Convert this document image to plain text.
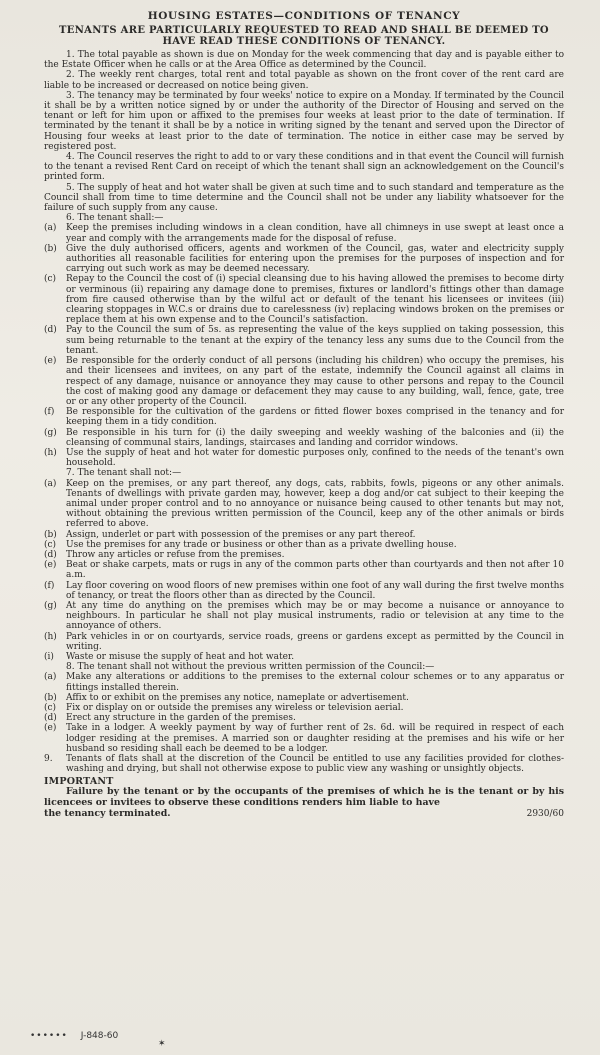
HOUSING ESTATES—CONDITIONS OF TENANCY
TENANTS ARE PARTICULARLY REQUESTED TO READ AND SHALL BE DEEMED TO HAVE READ THESE CONDITIONS OF TENANCY.

1. The total payable as shown is due on Monday for the week commencing that day and is payable either to the Estate Officer when he calls or at the Area Office as determined by the Council.

2. The weekly rent charges, total rent and total payable as shown on the front cover of the rent card are liable to be increased or decreased on notice being given.

3. The tenancy may be terminated by four weeks' notice to expire on a Monday. If terminated by the Council it shall be by a written notice signed by or under the authority of the Director of Housing and served on the tenant or left for him upon or affixed to the premises four weeks at least prior to the date of termination. If terminated by the tenant it shall be by a notice in writing signed by the tenant and served upon the Director of Housing four weeks at least prior to the date of termination. The notice in either case may be served by registered post.

4. The Council reserves the right to add to or vary these conditions and in that event the Council will furnish to the tenant a revised Rent Card on receipt of which the tenant shall sign an acknowledgement on the Council's printed form.

5. The supply of heat and hot water shall be given at such time and to such standard and temperature as the Council shall from time to time determine and the Council shall not be under any liability whatsoever for the failure of such supply from any cause.

6. The tenant shall:—

(a)	Keep the premises including windows in a clean condition, have all chimneys in use swept at least once a year and comply with the arrangements made for the disposal of refuse.
(b)	Give the duly authorised officers, agents and workmen of the Council, gas, water and electricity supply authorities all reasonable facilities for entering upon the premises for the purposes of inspection and for carrying out such work as may be deemed necessary.
(c)	Repay to the Council the cost of (i) special cleansing due to his having allowed the premises to become dirty or verminous (ii) repairing any damage done to premises, fixtures or landlord's fittings other than damage from fire caused otherwise than by the wilful act or default of the tenant his licensees or invitees (iii) clearing stoppages in W.C.s or drains due to carelessness (iv) replacing windows broken on the premises or replace them at his own expense and to the Council's satisfaction.
(d)	Pay to the Council the sum of 5s. as representing the value of the keys supplied on taking possession, this sum being returnable to the tenant at the expiry of the tenancy less any sums due to the Council from the tenant.
(e)	Be responsible for the orderly conduct of all persons (including his children) who occupy the premises, his and their licensees and invitees, on any part of the estate, indemnify the Council against all claims in respect of any damage, nuisance or annoyance they may cause to other persons and repay to the Council the cost of making good any damage or defacement they may cause to any building, wall, fence, gate, tree or or any other property of the Council.
(f)	Be responsible for the cultivation of the gardens or fitted flower boxes comprised in the tenancy and for keeping them in a tidy condition.
(g)	Be responsible in his turn for (i) the daily sweeping and weekly washing of the balconies and (ii) the cleansing of communal stairs, landings, staircases and landing and corridor windows.
(h)	Use the supply of heat and hot water for domestic purposes only, confined to the needs of the tenant's own household.

7. The tenant shall not:—

(a)	Keep on the premises, or any part thereof, any dogs, cats, rabbits, fowls, pigeons or any other animals. Tenants of dwellings with private garden may, however, keep a dog and/or cat subject to their keeping the animal under proper control and to no annoyance or nuisance being caused to other tenants but may not, without obtaining the previous written permission of the Council, keep any of the other animals or birds referred to above.
(b)	Assign, underlet or part with possession of the premises or any part thereof.
(c)	Use the premises for any trade or business or other than as a private dwelling house.
(d)	Throw any articles or refuse from the premises.
(e)	Beat or shake carpets, mats or rugs in any of the common parts other than courtyards and then not after 10 a.m.
(f)	Lay floor covering on wood floors of new premises within one foot of any wall during the first twelve months of tenancy, or treat the floors other than as directed by the Council.
(g)	At any time do anything on the premises which may be or may become a nuisance or annoyance to neighbours. In particular he shall not play musical instruments, radio or television at any time to the annoyance of others.
(h)	Park vehicles in or on courtyards, service roads, greens or gardens except as permitted by the Council in writing.
(i)	Waste or misuse the supply of heat and hot water.

8. The tenant shall not without the previous written permission of the Council:—

(a)	Make any alterations or additions to the premises to the external colour schemes or to any apparatus or fittings installed therein.
(b)	Affix to or exhibit on the premises any notice, nameplate or advertisement.
(c)	Fix or display on or outside the premises any wireless or television aerial.
(d)	Erect any structure in the garden of the premises.
(e)	Take in a lodger. A weekly payment by way of further rent of 2s. 6d. will be required in respect of each lodger residing at the premises. A married son or daughter residing at the premises and his wife or her husband so residing shall each be deemed to be a lodger.
9.	Tenants of flats shall at the discretion of the Council be entitled to use any facilities provided for clothes-washing and drying, but shall not otherwise expose to public view any washing or unsightly objects.
IMPORTANT

Failure by the tenant or by the occupants of the premises of which he is the tenant or by his licencees or invitees to observe these conditions renders him liable to have

the tenancy terminated.	2930/60
•••••• J-848-60
✶
